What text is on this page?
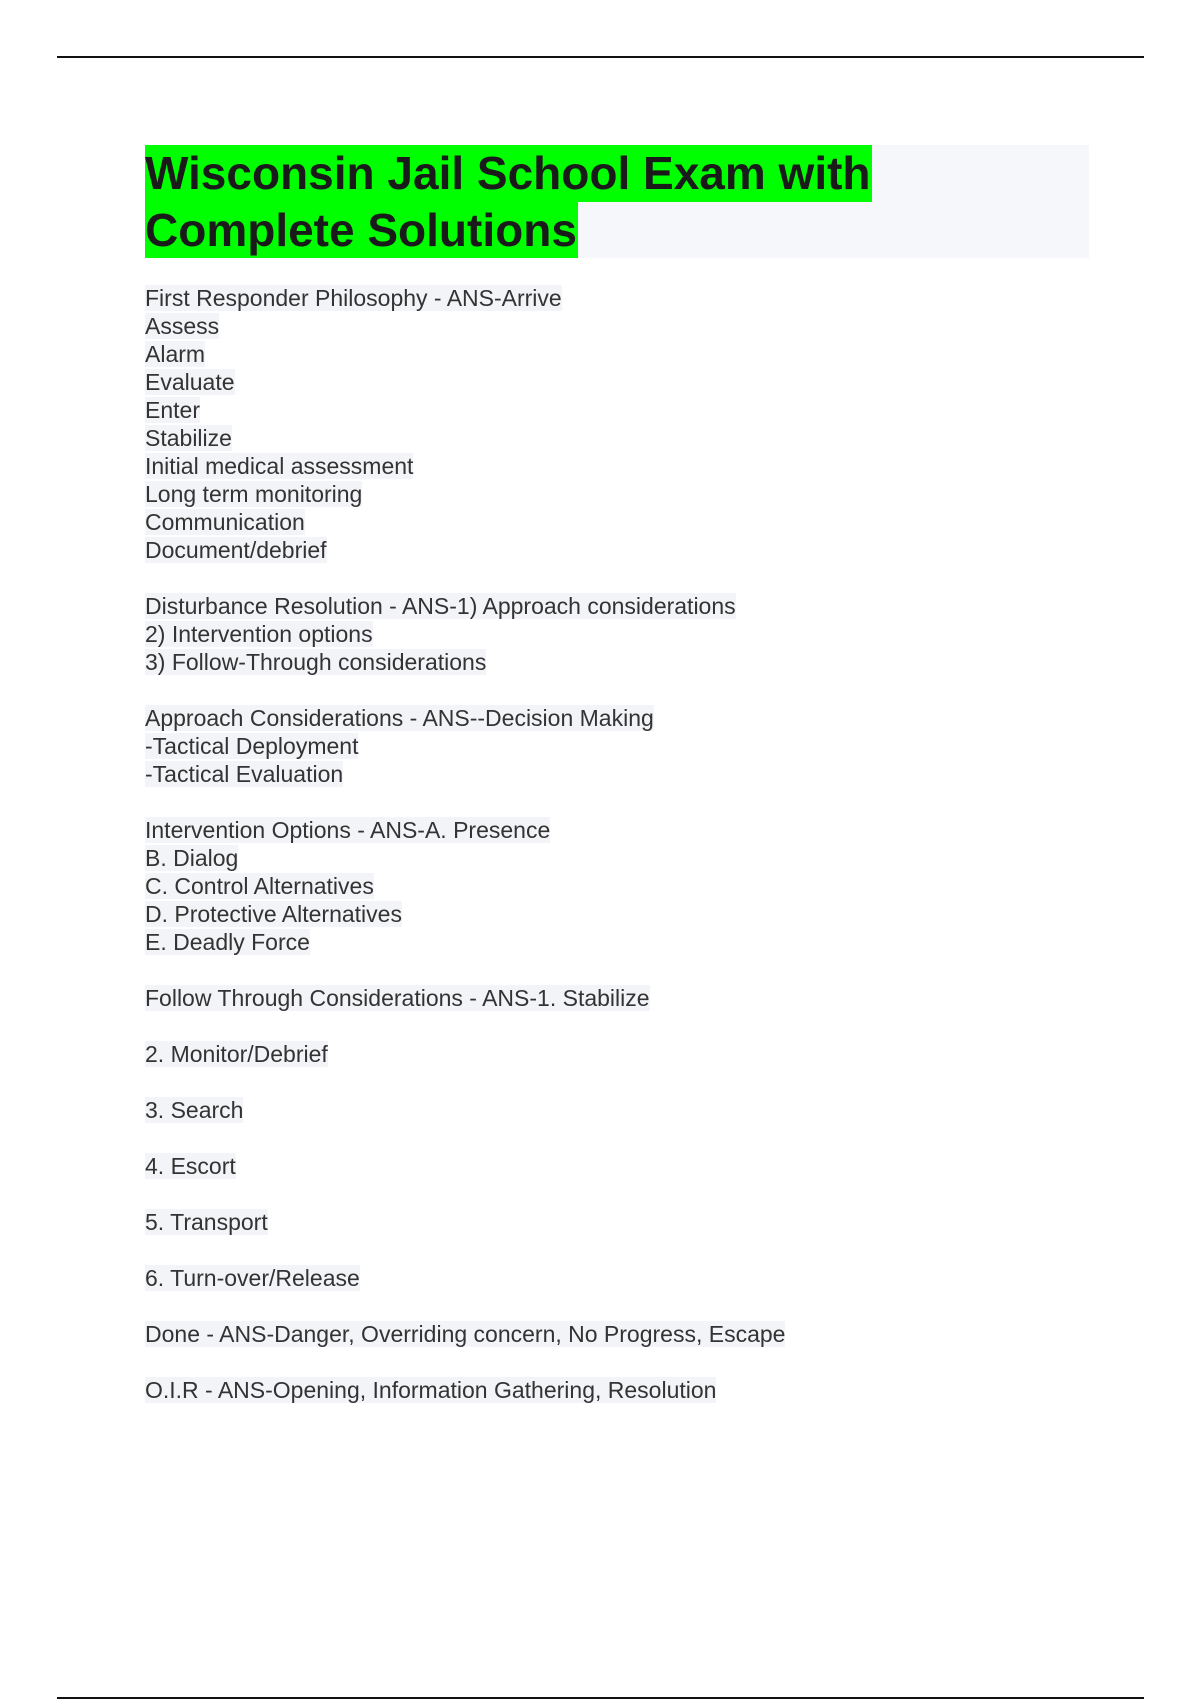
Wisconsin Jail School Exam with
Complete Solutions
First Responder Philosophy - ANS-Arrive
Assess
Alarm
Evaluate
Enter
Stabilize
Initial medical assessment
Long term monitoring
Communication
Document/debrief
Disturbance Resolution - ANS-1) Approach considerations
2) Intervention options
3) Follow-Through considerations
Approach Considerations - ANS--Decision Making
-Tactical Deployment
-Tactical Evaluation
Intervention Options - ANS-A. Presence
B. Dialog
C. Control Alternatives
D. Protective Alternatives
E. Deadly Force
Follow Through Considerations - ANS-1. Stabilize
2. Monitor/Debrief
3. Search
4. Escort
5. Transport
6. Turn-over/Release
Done - ANS-Danger, Overriding concern, No Progress, Escape
O.I.R - ANS-Opening, Information Gathering, Resolution
